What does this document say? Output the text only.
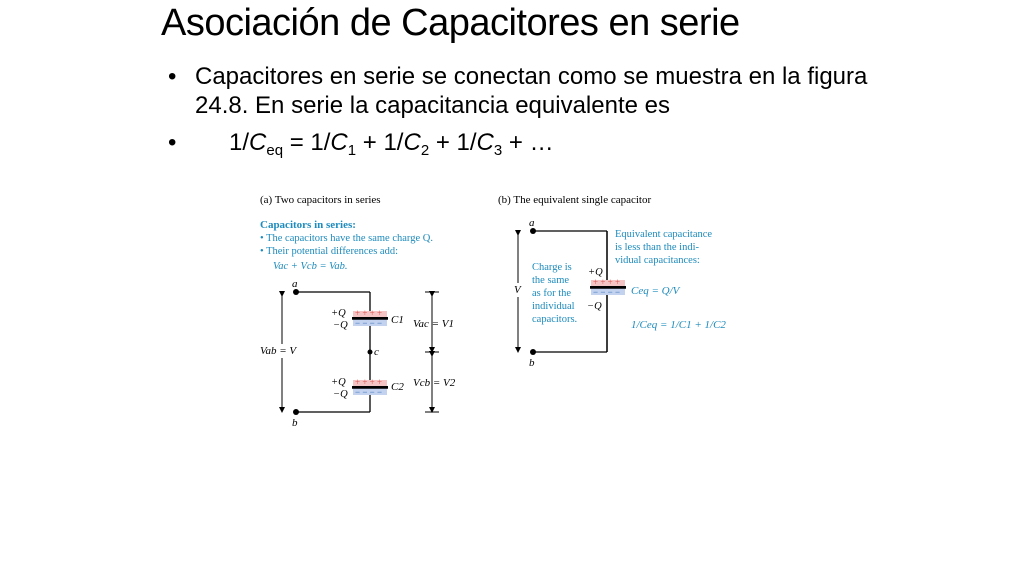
Asociación de Capacitores en serie
• Capacitores en serie se conectan como se muestra en la figura 24.8. En serie la capacitancia equivalente es
• $1/C_{eq} = 1/C_1 + 1/C_2 + 1/C_3$ + …
(a) Two capacitors in series
Capacitors in series:
• The capacitors have the same charge Q.
• Their potential differences add:
Vac + Vcb = Vab.
a
b
c
Vab = V
+ + + +
− − − −
+Q
−Q	C1
+ + + +
− − − −
+Q
−Q
C2
Vac = V1
Vcb = V2
(b) The equivalent single capacitor
a
b
V
+ + + +
− − − −
+Q
−Q
Charge is
the same
as for the
individual
capacitors.
Equivalent capacitance
is less than the indi-
vidual capacitances:
Ceq = Q/V
1/Ceq = 1/C1 + 1/C2
